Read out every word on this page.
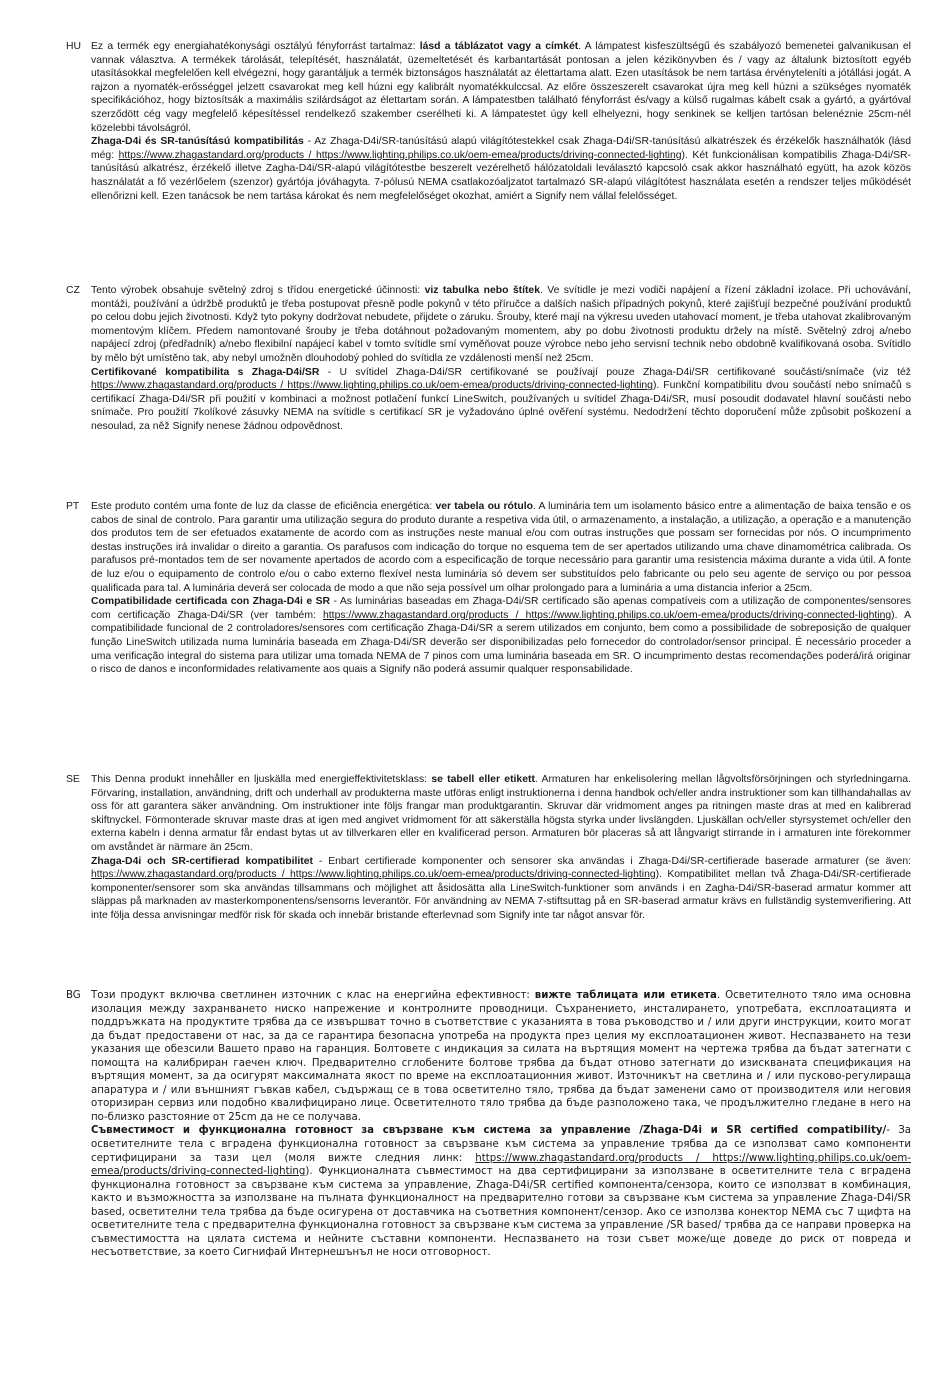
HU Ez a termék egy energiahatékonysági osztályú fényforrást tartalmaz: lásd a táblázatot vagy a címkét. A lámpatest kisfeszültségű és szabályozó bemenetei galvanikusan el vannak választva. A termékek tárolását, telepítését, használatát, üzemeltetését és karbantartását pontosan a jelen kézikönyvben és / vagy az általunk biztosított egyéb utasításokkal megfelelően kell elvégezni, hogy garantáljuk a termék biztonságos használatát az élettartama alatt. Ezen utasítások be nem tartása érvényteleníti a jótállási jogát. A rajzon a nyomaték-erősséggel jelzett csavarokat meg kell húzni egy kalibrált nyomatékkulccsal. Az előre összeszerelt csavarokat újra meg kell húzni a szükséges nyomaték specifikációhoz, hogy biztosítsák a maximális szilárdságot az élettartam során. A lámpatestben található fényforrást és/vagy a külső rugalmas kábelt csak a gyártó, a gyártóval szerződött cég vagy megfelelő képesítéssel rendelkező szakember cserélheti ki. A lámpatestet úgy kell elhelyezni, hogy senkinek se kelljen tartósan belenéznie 25cm-nél közelebbi távolságról.

Zhaga-D4i és SR-tanúsítású kompatibilitás - Az Zhaga-D4i/SR-tanúsítású alapú világítótestekkel csak Zhaga-D4i/SR-tanúsítású alkatrészek és érzékelők használhatók (lásd még: https://www.zhagastandard.org/products / https://www.lighting.philips.co.uk/oem-emea/products/driving-connected-lighting). Két funkcionálisan kompatibilis Zhaga-D4i/SR-tanúsítású alkatrész, érzékelő illetve Zagha-D4i/SR-alapú világítótestbe beszerelt vezérelhető hálózatoldali leválasztó kapcsoló csak akkor használható együtt, ha azok közös használatát a fő vezérlőelem (szenzor) gyártója jóváhagyta. 7-pólusú NEMA csatlakozóaljzatot tartalmazó SR-alapú világítótest használata esetén a rendszer teljes működését ellenőrizni kell. Ezen tanácsok be nem tartása károkat és nem megfelelőséget okozhat, amiért a Signify nem vállal felelősséget.

CZ Tento výrobek obsahuje světelný zdroj s třídou energetické účinnosti: viz tabulka nebo štítek. Ve svítidle je mezi vodiči napájení a řízení základní izolace. Při uchovávání, montáži, používání a údržbě produktů je třeba postupovat přesně podle pokynů v této příručce a dalších našich případných pokynů, které zajišťují bezpečné používání produktů po celou dobu jejich životnosti. Když tyto pokyny dodržovat nebudete, přijdete o záruku. Šrouby, které mají na výkresu uveden utahovací moment, je třeba utahovat zkalibrovaným momentovým klíčem. Předem namontované šrouby je třeba dotáhnout požadovaným momentem, aby po dobu životnosti produktu držely na místě. Světelný zdroj a/nebo napájecí zdroj (předřadník) a/nebo flexibilní napájecí kabel v tomto svítidle smí vyměňovat pouze výrobce nebo jeho servisní technik nebo obdobně kvalifikovaná osoba. Svítidlo by mělo být umístěno tak, aby nebyl umožněn dlouhodobý pohled do svítidla ze vzdálenosti menší než 25cm.

Certifikované kompatibilita s Zhaga-D4i/SR - U svítidel Zhaga-D4i/SR certifikované se používají pouze Zhaga-D4i/SR certifikované součásti/snímače (viz též https://www.zhagastandard.org/products / https://www.lighting.philips.co.uk/oem-emea/products/driving-connected-lighting). Funkční kompatibilitu dvou součástí nebo snímačů s certifikací Zhaga-D4i/SR při použití v kombinaci a možnost potlačení funkcí LineSwitch, používaných u svítidel Zhaga-D4i/SR, musí posoudit dodavatel hlavní součásti nebo snímače. Pro použití 7kolíkové zásuvky NEMA na svítidle s certifikací SR je vyžadováno úplné ověření systému. Nedodržení těchto doporučení může způsobit poškození a nesoulad, za něž Signify nenese žádnou odpovědnost.

PT Este produto contém uma fonte de luz da classe de eficiência energética: ver tabela ou rótulo. A luminária tem um isolamento básico entre a alimentação de baixa tensão e os cabos de sinal de controlo. Para garantir uma utilização segura do produto durante a respetiva vida útil, o armazenamento, a instalação, a utilização, a operação e a manutenção dos produtos tem de ser efetuados exatamente de acordo com as instruções neste manual e/ou com outras instruções que possam ser fornecidas por nós. O incumprimento destas instruções irá invalidar o direito a garantia. Os parafusos com indicação do torque no esquema tem de ser apertados utilizando uma chave dinamométrica calibrada. Os parafusos pré-montados tem de ser novamente apertados de acordo com a especificação de torque necessário para garantir uma resistencia máxima durante a vida útil. A fonte de luz e/ou o equipamento de controlo e/ou o cabo externo flexível nesta luminária só devem ser substituídos pelo fabricante ou pelo seu agente de serviço ou por pessoa qualificada para tal. A luminária deverá ser colocada de modo a que não seja possível um olhar prolongado para a luminária a uma distancia inferior a 25cm.

Compatibilidade certificada con Zhaga-D4i e SR - As luminárias baseadas em Zhaga-D4i/SR certificado são apenas compatíveis com a utilização de componentes/sensores com certificação Zhaga-D4i/SR (ver também: https://www.zhagastandard.org/products / https://www.lighting.philips.co.uk/oem-emea/products/driving-connected-lighting). A compatibilidade funcional de 2 controladores/sensores com certificação Zhaga-D4i/SR a serem utilizados em conjunto, bem como a possibilidade de sobreposição de qualquer função LineSwitch utilizada numa luminária baseada em Zhaga-D4i/SR deverão ser disponibilizadas pelo fornecedor do controlador/sensor principal. É necessário proceder a uma verificação integral do sistema para utilizar uma tomada NEMA de 7 pinos com uma luminária baseada em SR. O incumprimento destas recomendações poderá/irá originar o risco de danos e inconformidades relativamente aos quais a Signify não poderá assumir qualquer responsabilidade.

SE This Denna produkt innehåller en ljuskälla med energieffektivitetsklass: se tabell eller etikett. Armaturen har enkelisolering mellan lågvoltsförsörjningen och styrledningarna. Förvaring, installation, användning, drift och underhall av produkterna maste utföras enligt instruktionerna i denna handbok och/eller andra instruktioner som kan tillhandahallas av oss för att garantera säker användning. Om instruktioner inte följs frangar man produktgarantin. Skruvar där vridmoment anges pa ritningen maste dras at med en kalibrerad skiftnyckel. Förmonterade skruvar maste dras at igen med angivet vridmoment för att säkerställa högsta styrka under livslängden. Ljuskällan och/eller styrsystemet och/eller den externa kabeln i denna armatur får endast bytas ut av tillverkaren eller en kvalificerad person. Armaturen bör placeras så att långvarigt stirrande in i armaturen inte förekommer om avståndet är närmare än 25cm.

Zhaga-D4i och SR-certifierad kompatibilitet - Enbart certifierade komponenter och sensorer ska användas i Zhaga-D4i/SR-certifierade baserade armaturer (se även: https://www.zhagastandard.org/products / https://www.lighting.philips.co.uk/oem-emea/products/driving-connected-lighting). Kompatibilitet mellan två Zhaga-D4i/SR-certifierade komponenter/sensorer som ska användas tillsammans och möjlighet att åsidosätta alla LineSwitch-funktioner som används i en Zagha-D4i/SR-baserad armatur kommer att släppas på marknaden av masterkomponentens/sensorns leverantör. För användning av NEMA 7-stiftsuttag på en SR-baserad armatur krävs en fullständig systemverifiering. Att inte följa dessa anvisningar medför risk för skada och innebär bristande efterlevnad som Signify inte tar något ansvar för.

BG Този продукт включва светлинен източник с клас на енергийна ефективност: вижте таблицата или етикета. Осветителното тяло има основна изолация между захранването ниско напрежение и контролните проводници. Съхранението, инсталирането, употребата, експлоатацията и поддръжката на продуктите трябва да се извършват точно в съответствие с указанията в това ръководство и / или други инструкции, които могат да бъдат предоставени от нас, за да се гарантира безопасна употреба на продукта през целия му експлоатационен живот. Неспазването на тези указания ще обезсили Вашето право на гаранция. Болтовете с индикация за силата на въртящия момент на чертежа трябва да бъдат затегнати с помощта на калибриран гаечен ключ. Предварително сглобените болтове трябва да бъдат отново затегнати до изискваната спецификация на въртящия момент, за да осигурят максималната якост по време на експлоатационния живот. Източникът на светлина и / или пусково-регулираща апаратура и / или външният гъвкав кабел, съдържащ се в това осветително тяло, трябва да бъдат заменени само от производителя или неговия оторизиран сервиз или подобно квалифицирано лице. Осветителното тяло трябва да бъде разположено така, че продължително гледане в него на по-близко разстояние от 25cm да не се получава.

Съвместимост и функционална готовност за свързване към система за управление /Zhaga-D4i и SR certified compatibility/- За осветителните тела с вградена функционална готовност за свързване към система за управление трябва да се използват само компоненти сертифицирани за тази цел (моля вижте следния линк: https://www.zhagastandard.org/products / https://www.lighting.philips.co.uk/oem-emea/products/driving-connected-lighting). Функционалната съвместимост на два сертифицирани за използване в осветителните тела с вградена функционална готовност за свързване към система за управление, Zhaga-D4i/SR certified компонента/сензора, които се използват в комбинация, както и възможността за използване на пълната функционалност на предварително готови за свързване към система за управление Zhaga-D4i/SR based, осветителни тела трябва да бъде осигурена от доставчика на съответния компонент/сензор. Ако се използва конектор NEMA със 7 щифта на осветителните тела с предварителна функционална готовност за свързване към система за управление /SR based/ трябва да се направи проверка на съвместимостта на цялата система и нейните съставни компоненти. Неспазването на този съвет може/ще доведе до риск от повреда и несъответствие, за което Сигнифай Интернешънъл не носи отговорност.
